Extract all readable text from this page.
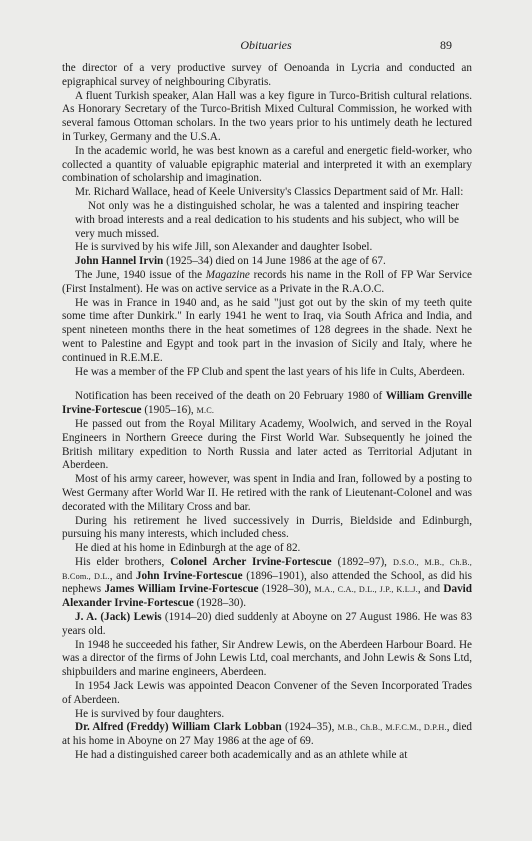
Obituaries	89

the director of a very productive survey of Oenoanda in Lycria and conducted an epigraphical survey of neighbouring Cibyratis.

A fluent Turkish speaker, Alan Hall was a key figure in Turco-British cultural relations. As Honorary Secretary of the Turco-British Mixed Cultural Commission, he worked with several famous Ottoman scholars. In the two years prior to his untimely death he lectured in Turkey, Germany and the U.S.A.

In the academic world, he was best known as a careful and energetic field-worker, who collected a quantity of valuable epigraphic material and interpreted it with an exemplary combination of scholarship and imagination.

Mr. Richard Wallace, head of Keele University's Classics Department said of Mr. Hall:

Not only was he a distinguished scholar, he was a talented and inspiring teacher with broad interests and a real dedication to his students and his subject, who will be very much missed.

He is survived by his wife Jill, son Alexander and daughter Isobel.

John Hannel Irvin (1925–34) died on 14 June 1986 at the age of 67.

The June, 1940 issue of the Magazine records his name in the Roll of FP War Service (First Instalment). He was on active service as a Private in the R.A.O.C.

He was in France in 1940 and, as he said "just got out by the skin of my teeth quite some time after Dunkirk." In early 1941 he went to Iraq, via South Africa and India, and spent nineteen months there in the heat sometimes of 128 degrees in the shade. Next he went to Palestine and Egypt and took part in the invasion of Sicily and Italy, where he continued in R.E.M.E.

He was a member of the FP Club and spent the last years of his life in Cults, Aberdeen.

Notification has been received of the death on 20 February 1980 of William Grenville Irvine-Fortescue (1905–16), M.C.

He passed out from the Royal Military Academy, Woolwich, and served in the Royal Engineers in Northern Greece during the First World War. Subsequently he joined the British military expedition to North Russia and later acted as Territorial Adjutant in Aberdeen.

Most of his army career, however, was spent in India and Iran, followed by a posting to West Germany after World War II. He retired with the rank of Lieutenant-Colonel and was decorated with the Military Cross and bar.

During his retirement he lived successively in Durris, Bieldside and Edinburgh, pursuing his many interests, which included chess.

He died at his home in Edinburgh at the age of 82.

His elder brothers, Colonel Archer Irvine-Fortescue (1892–97), D.S.O., M.B., Ch.B., B.Com., D.L., and John Irvine-Fortescue (1896–1901), also attended the School, as did his nephews James William Irvine-Fortescue (1928–30), M.A., C.A., D.L., J.P., K.L.J., and David Alexander Irvine-Fortescue (1928–30).

J. A. (Jack) Lewis (1914–20) died suddenly at Aboyne on 27 August 1986. He was 83 years old.

In 1948 he succeeded his father, Sir Andrew Lewis, on the Aberdeen Harbour Board. He was a director of the firms of John Lewis Ltd, coal merchants, and John Lewis & Sons Ltd, shipbuilders and marine engineers, Aberdeen.

In 1954 Jack Lewis was appointed Deacon Convener of the Seven Incorporated Trades of Aberdeen.

He is survived by four daughters.

Dr. Alfred (Freddy) William Clark Lobban (1924–35), M.B., Ch.B., M.F.C.M., D.P.H., died at his home in Aboyne on 27 May 1986 at the age of 69.

He had a distinguished career both academically and as an athlete while at
